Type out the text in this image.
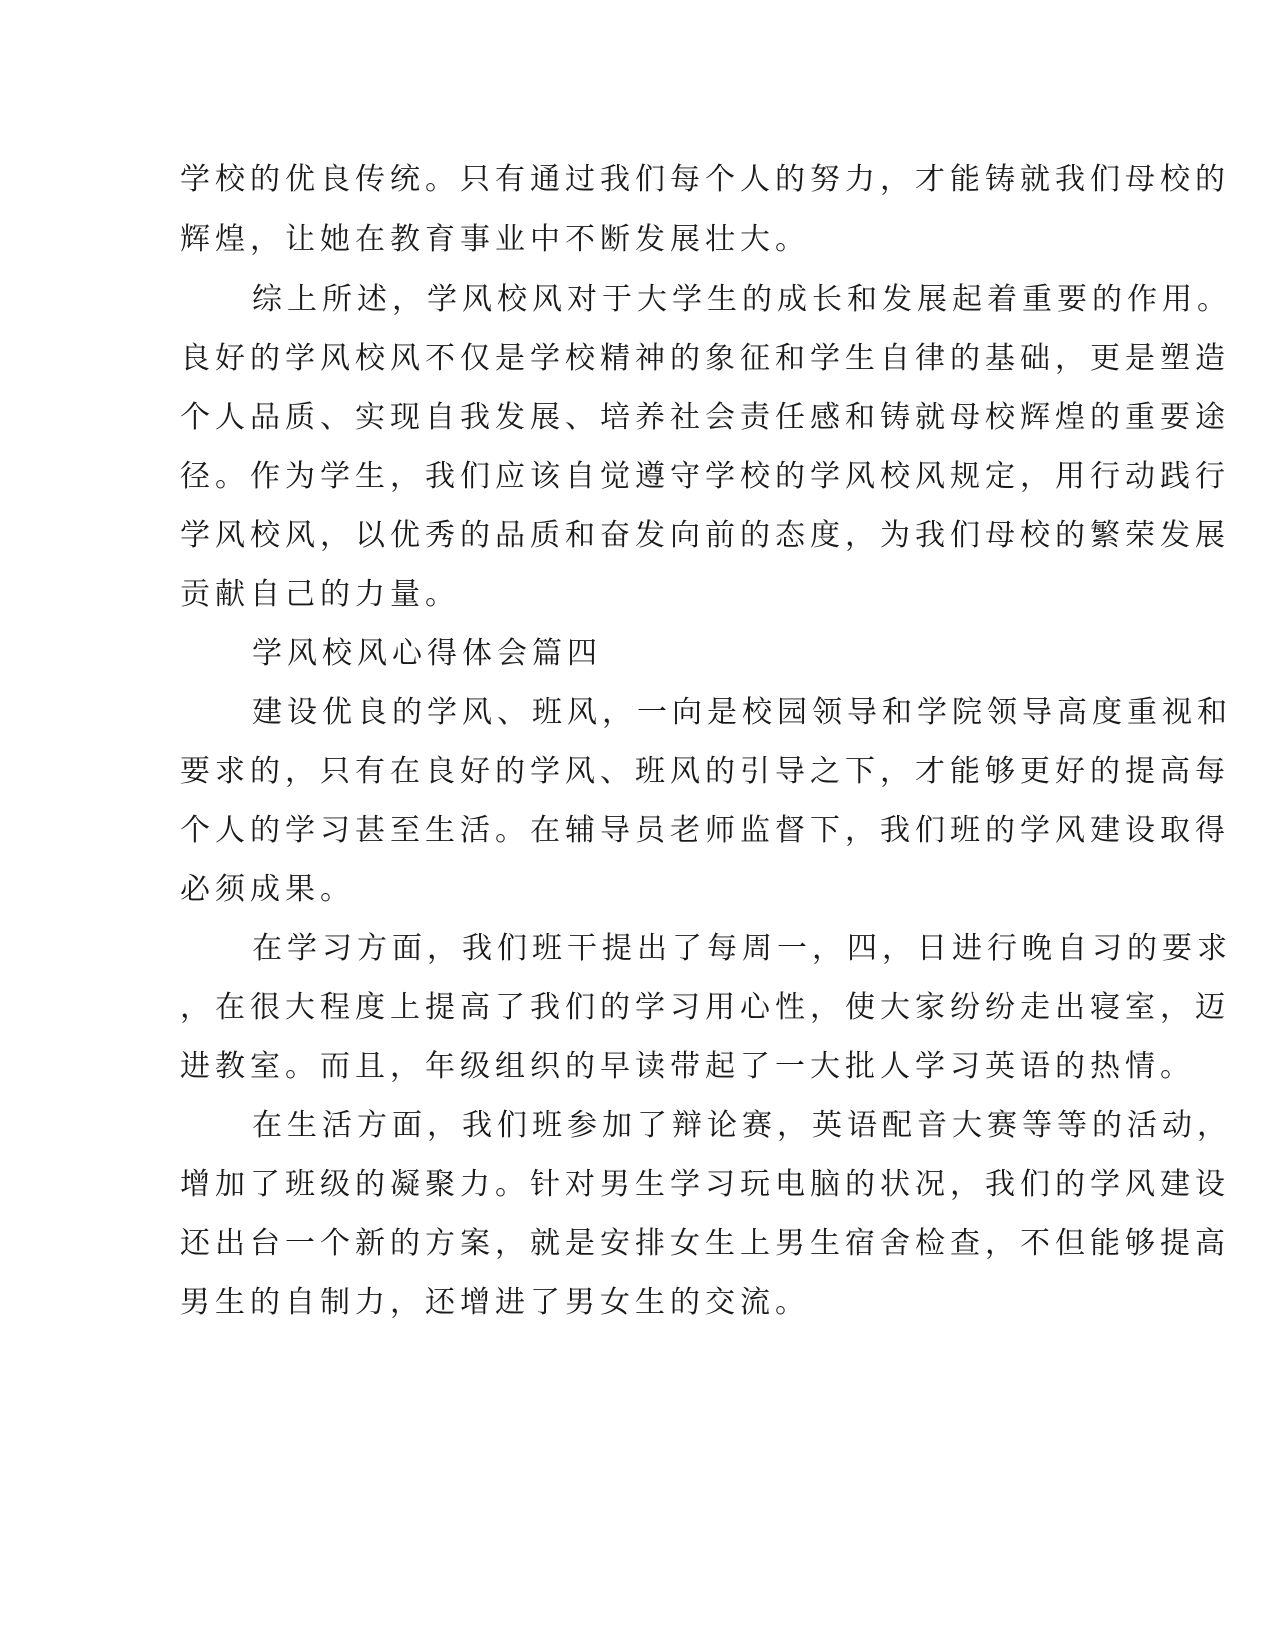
学校的优良传统。只有通过我们每个人的努力，才能铸就我们母校的
辉煌，让她在教育事业中不断发展壮大。
综上所述，学风校风对于大学生的成长和发展起着重要的作用。
良好的学风校风不仅是学校精神的象征和学生自律的基础，更是塑造
个人品质、实现自我发展、培养社会责任感和铸就母校辉煌的重要途
径。作为学生，我们应该自觉遵守学校的学风校风规定，用行动践行
学风校风，以优秀的品质和奋发向前的态度，为我们母校的繁荣发展
贡献自己的力量。
学风校风心得体会篇四
建设优良的学风、班风，一向是校园领导和学院领导高度重视和
要求的，只有在良好的学风、班风的引导之下，才能够更好的提高每
个人的学习甚至生活。在辅导员老师监督下，我们班的学风建设取得
必须成果。
在学习方面，我们班干提出了每周一，四，日进行晚自习的要求
，在很大程度上提高了我们的学习用心性，使大家纷纷走出寝室，迈
进教室。而且，年级组织的早读带起了一大批人学习英语的热情。
在生活方面，我们班参加了辩论赛，英语配音大赛等等的活动，
增加了班级的凝聚力。针对男生学习玩电脑的状况，我们的学风建设
还出台一个新的方案，就是安排女生上男生宿舍检查，不但能够提高
男生的自制力，还增进了男女生的交流。
